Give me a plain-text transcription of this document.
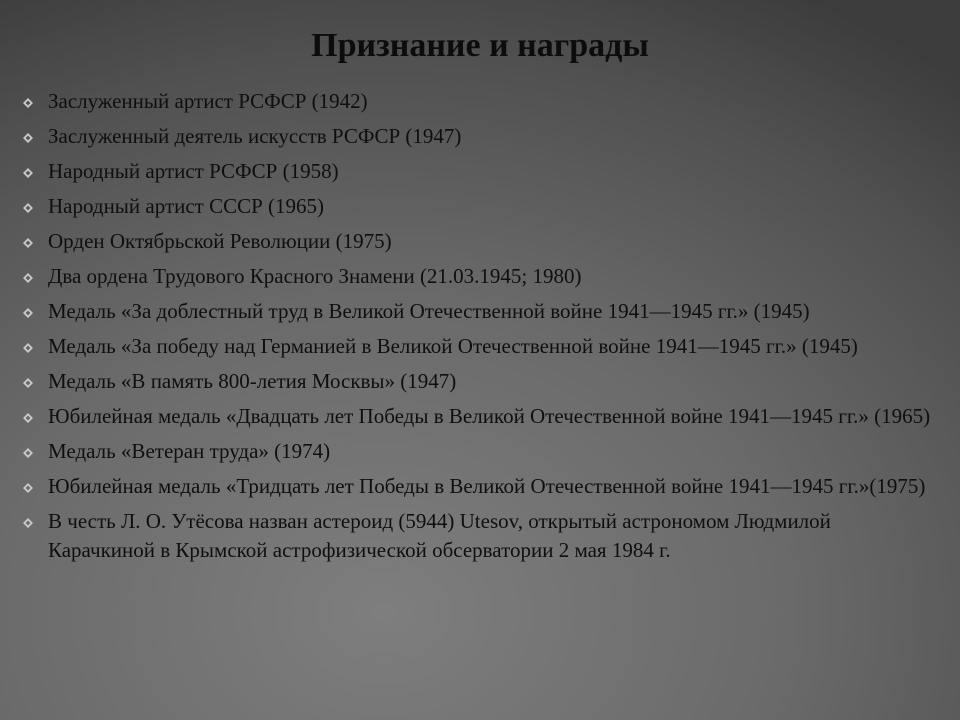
Признание и награды
Заслуженный артист РСФСР (1942)
Заслуженный деятель искусств РСФСР (1947)
Народный артист РСФСР (1958)
Народный артист СССР (1965)
Орден Октябрьской Революции (1975)
Два ордена Трудового Красного Знамени (21.03.1945; 1980)
Медаль «За доблестный труд в Великой Отечественной войне 1941—1945 гг.» (1945)
Медаль «За победу над Германией в Великой Отечественной войне 1941—1945 гг.» (1945)
Медаль «В память 800-летия Москвы» (1947)
Юбилейная медаль «Двадцать лет Победы в Великой Отечественной войне 1941—1945 гг.» (1965)
Медаль «Ветеран труда» (1974)
Юбилейная медаль «Тридцать лет Победы в Великой Отечественной войне 1941—1945 гг.»(1975)
В честь Л. О. Утёсова назван астероид (5944) Utesov, открытый астрономом Людмилой Карачкиной в Крымской астрофизической обсерватории 2 мая 1984 г.
